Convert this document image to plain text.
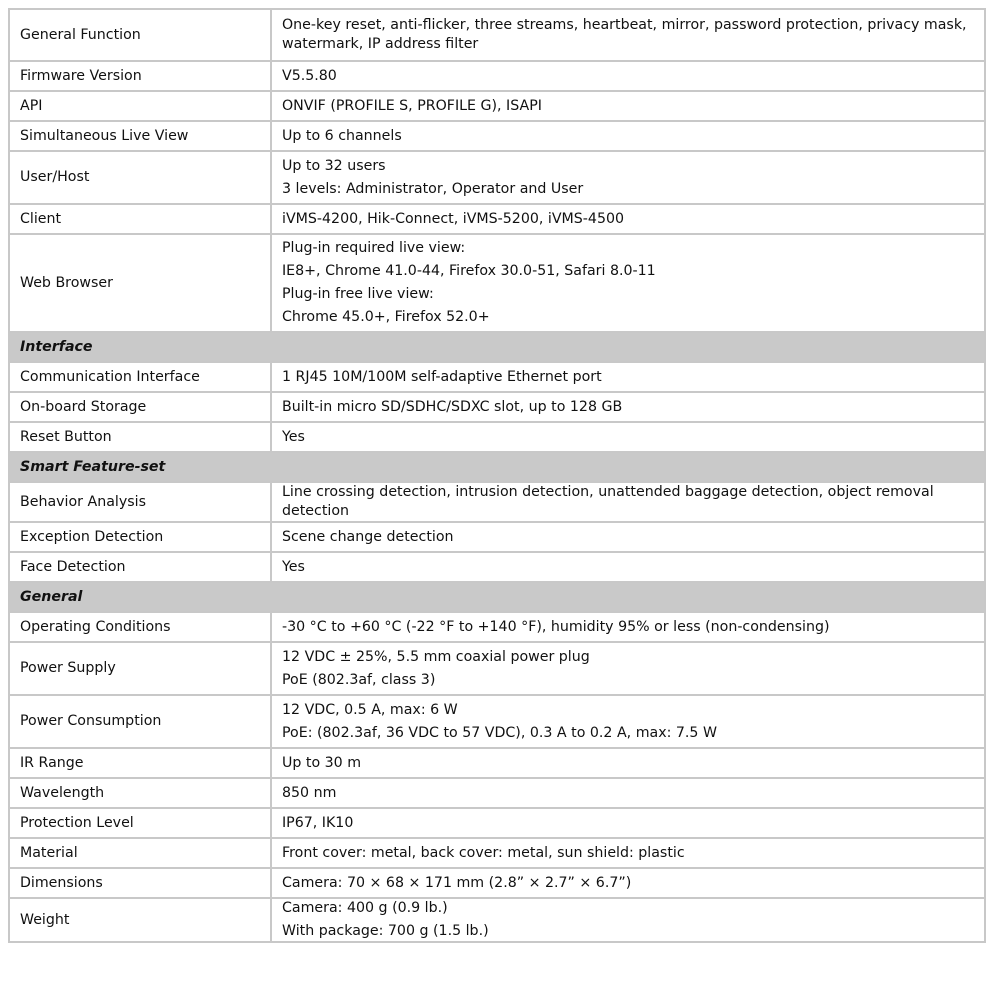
General Function	One-key reset, anti-flicker, three streams, heartbeat, mirror, password protection, privacy mask, watermark, IP address filter

Firmware Version	V5.5.80

API	ONVIF (PROFILE S, PROFILE G), ISAPI

Simultaneous Live View	Up to 6 channels

User/Host	Up to 32 users
3 levels: Administrator, Operator and User

Client	iVMS-4200, Hik-Connect, iVMS-5200, iVMS-4500

Web Browser	Plug-in required live view:
IE8+, Chrome 41.0-44, Firefox 30.0-51, Safari 8.0-11
Plug-in free live view:
Chrome 45.0+, Firefox 52.0+

Interface	
Communication Interface	1 RJ45 10M/100M self-adaptive Ethernet port

On-board Storage	Built-in micro SD/SDHC/SDXC slot, up to 128 GB

Reset Button	Yes

Smart Feature-set	
Behavior Analysis	Line crossing detection, intrusion detection, unattended baggage detection, object removal detection

Exception Detection	Scene change detection

Face Detection	Yes

General	
Operating Conditions	-30 °C to +60 °C (-22 °F to +140 °F), humidity 95% or less (non-condensing)

Power Supply	12 VDC ± 25%, 5.5 mm coaxial power plug
PoE (802.3af, class 3)

Power Consumption	12 VDC, 0.5 A, max: 6 W
PoE: (802.3af, 36 VDC to 57 VDC), 0.3 A to 0.2 A, max: 7.5 W

IR Range	Up to 30 m

Wavelength	850 nm

Protection Level	IP67, IK10

Material	Front cover: metal, back cover: metal, sun shield: plastic

Dimensions	Camera: 70 × 68 × 171 mm (2.8” × 2.7” × 6.7”)

Weight	Camera: 400 g (0.9 lb.)
With package: 700 g (1.5 lb.)
